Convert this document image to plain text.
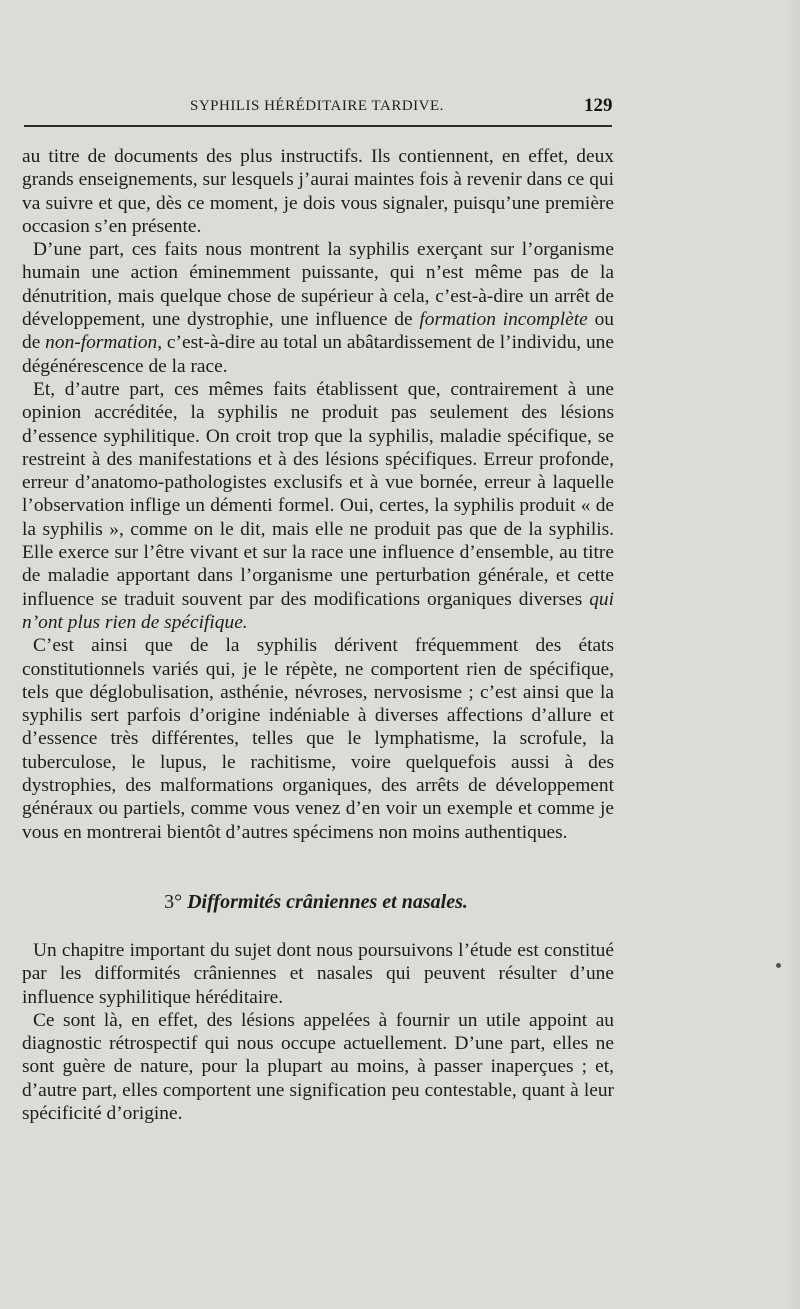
SYPHILIS HÉRÉDITAIRE TARDIVE.	129

au titre de documents des plus instructifs. Ils contiennent, en effet, deux grands enseignements, sur lesquels j’aurai maintes fois à revenir dans ce qui va suivre et que, dès ce moment, je dois vous signaler, puisqu’une première occasion s’en présente.

D’une part, ces faits nous montrent la syphilis exerçant sur l’organisme humain une action éminemment puissante, qui n’est même pas de la dénutrition, mais quelque chose de supérieur à cela, c’est-à-dire un arrêt de développement, une dystrophie, une influence de formation incomplète ou de non-formation, c’est-à-dire au total un abâtardissement de l’individu, une dégénérescence de la race.

Et, d’autre part, ces mêmes faits établissent que, contrairement à une opinion accréditée, la syphilis ne produit pas seulement des lésions d’essence syphilitique. On croit trop que la syphilis, maladie spécifique, se restreint à des manifestations et à des lésions spécifiques. Erreur profonde, erreur d’anatomo-pathologistes exclusifs et à vue bornée, erreur à laquelle l’observation inflige un démenti formel. Oui, certes, la syphilis produit « de la syphilis », comme on le dit, mais elle ne produit pas que de la syphilis. Elle exerce sur l’être vivant et sur la race une influence d’ensemble, au titre de maladie apportant dans l’organisme une perturbation générale, et cette influence se traduit souvent par des modifications organiques diverses qui n’ont plus rien de spécifique.

C’est ainsi que de la syphilis dérivent fréquemment des états constitutionnels variés qui, je le répète, ne comportent rien de spécifique, tels que déglobulisation, asthénie, névroses, nervosisme ; c’est ainsi que la syphilis sert parfois d’origine indéniable à diverses affections d’allure et d’essence très différentes, telles que le lymphatisme, la scrofule, la tuberculose, le lupus, le rachitisme, voire quelquefois aussi à des dystrophies, des malformations organiques, des arrêts de développement généraux ou partiels, comme vous venez d’en voir un exemple et comme je vous en montrerai bientôt d’autres spécimens non moins authentiques.

3° Difformités crâniennes et nasales.

Un chapitre important du sujet dont nous poursuivons l’étude est constitué par les difformités crâniennes et nasales qui peuvent résulter d’une influence syphilitique héréditaire.

Ce sont là, en effet, des lésions appelées à fournir un utile appoint au diagnostic rétrospectif qui nous occupe actuellement. D’une part, elles ne sont guère de nature, pour la plupart au moins, à passer inaperçues ; et, d’autre part, elles comportent une signification peu contestable, quant à leur spécificité d’origine.
